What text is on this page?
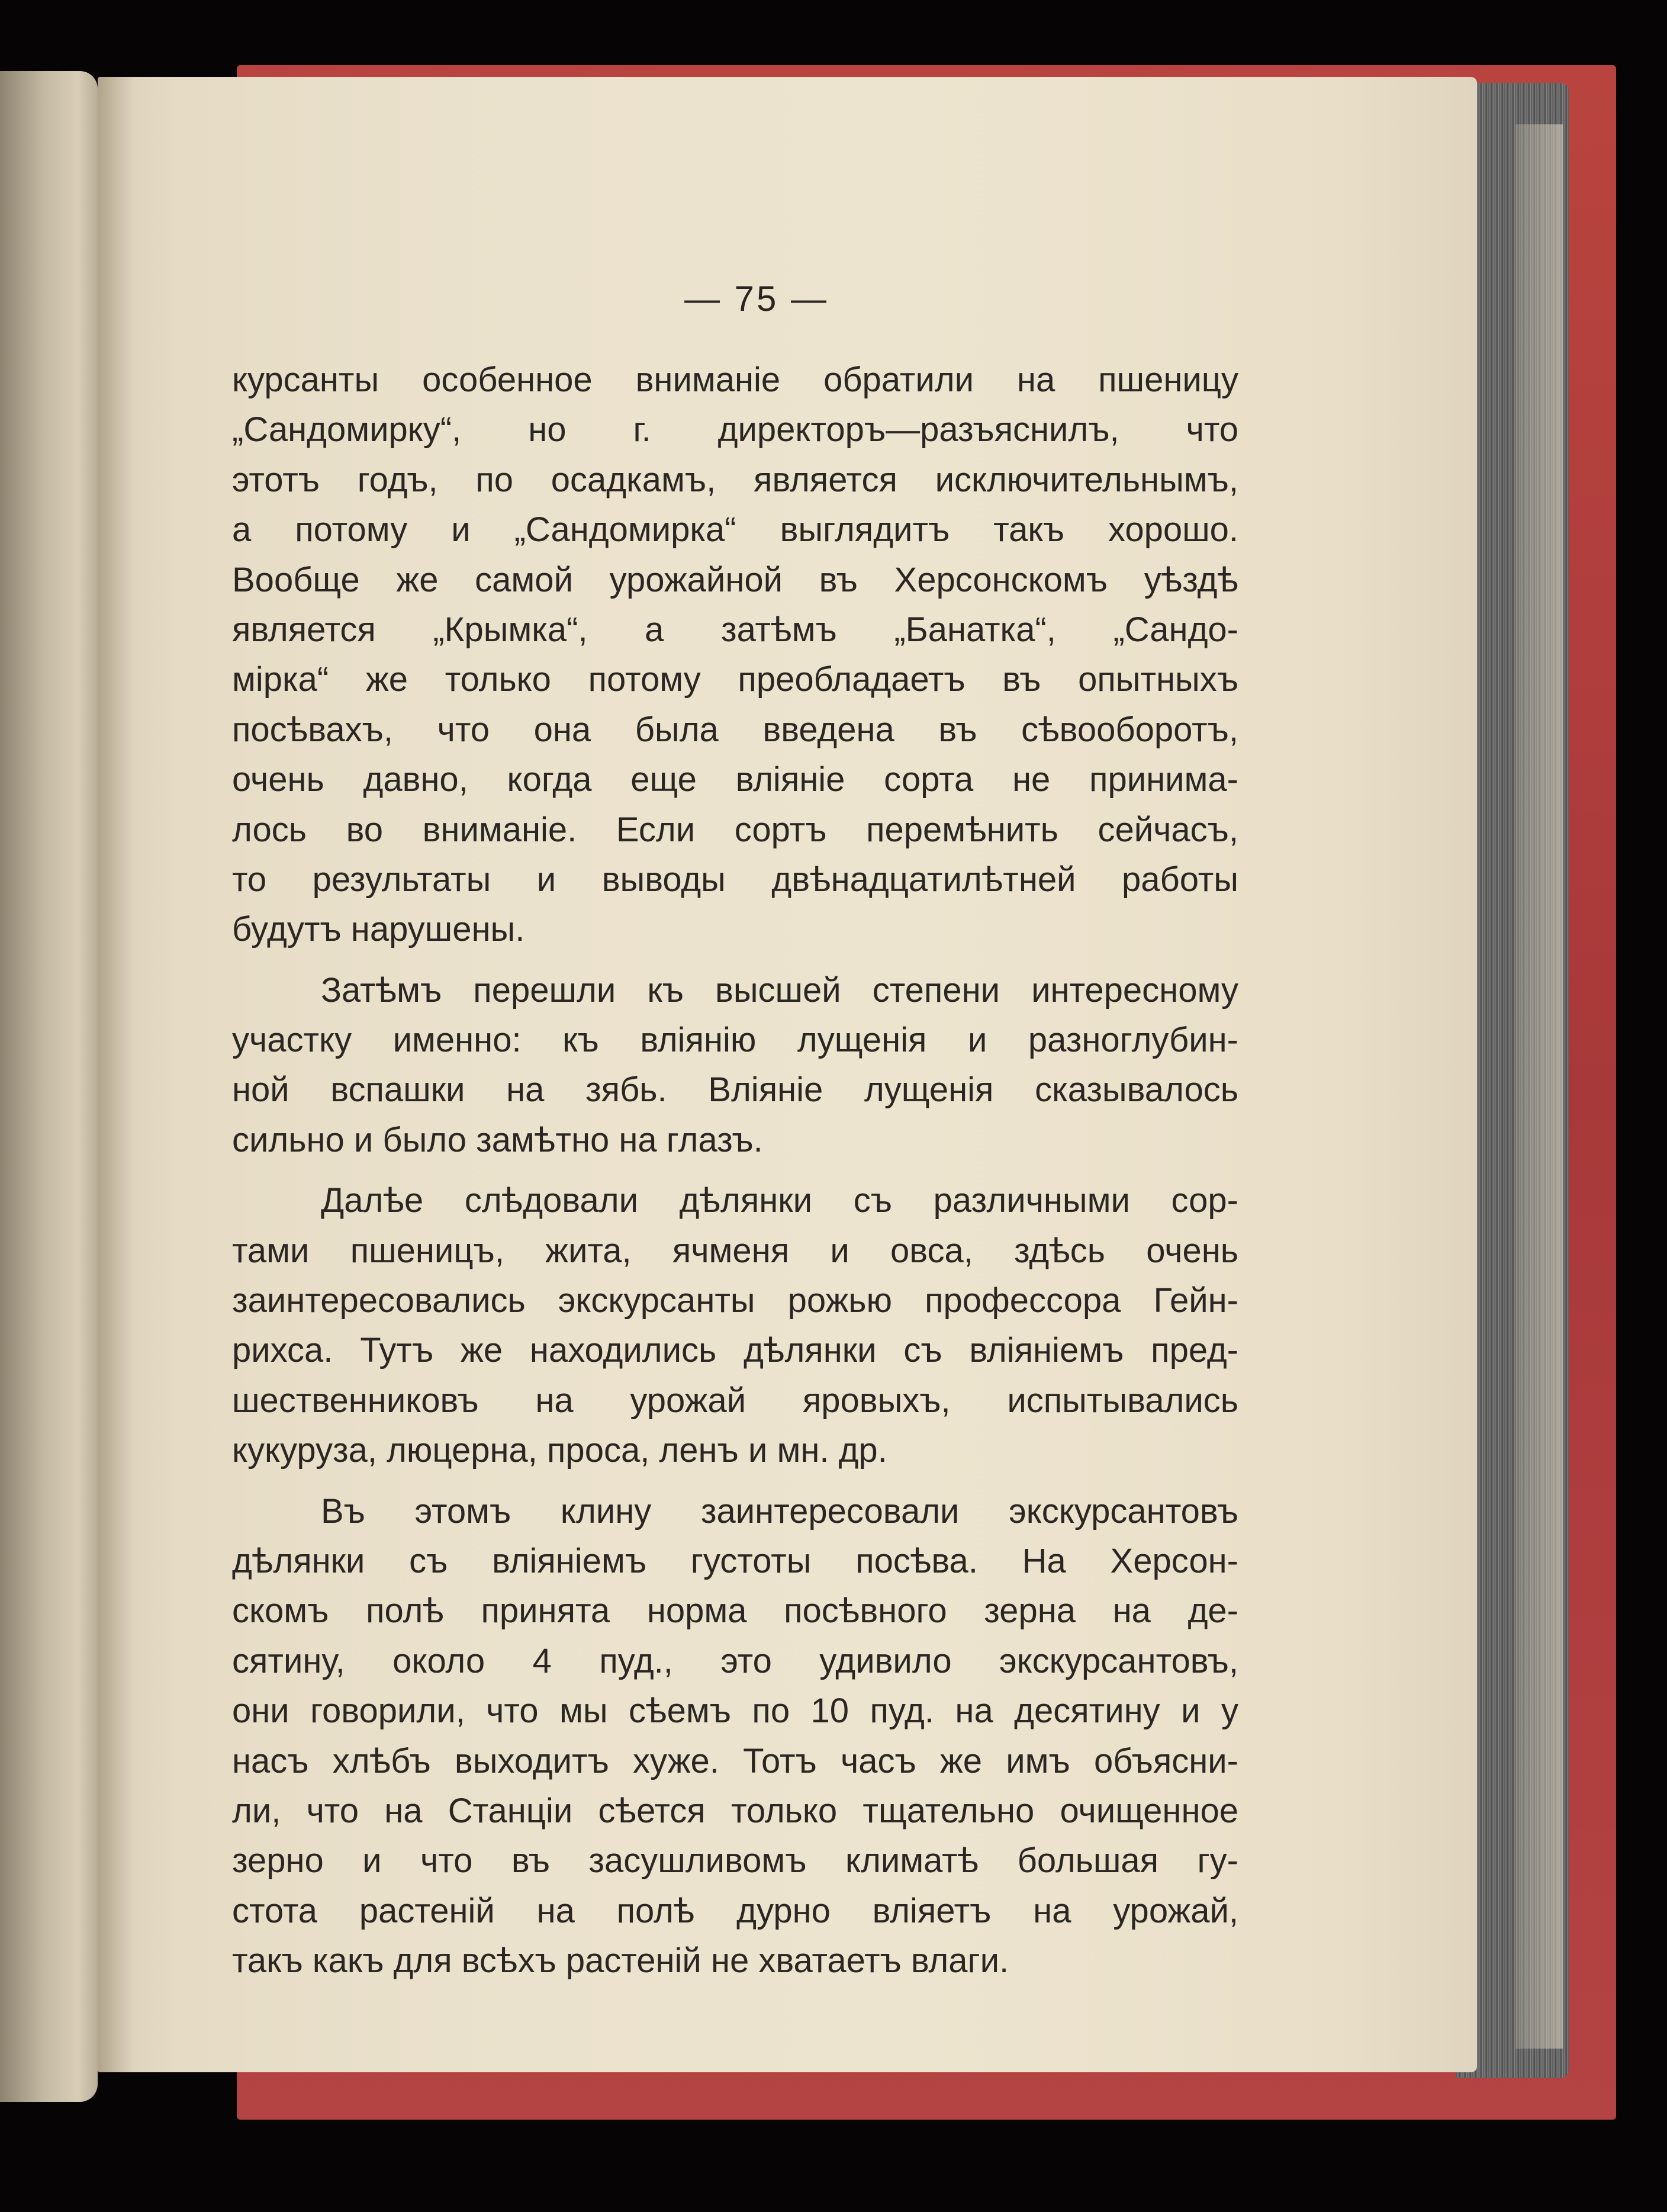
— 75 —
курсанты особенное вниманіе обратили на пшеницу
„Сандомирку“, но г. директоръ—разъяснилъ, что
этотъ годъ, по осадкамъ, является исключительнымъ,
а потому и „Сандомирка“ выглядитъ такъ хорошо.
Вообще же самой урожайной въ Херсонскомъ уѣздѣ
является „Крымка“, а затѣмъ „Банатка“, „Сандо-
мірка“ же только потому преобладаетъ въ опытныхъ
посѣвахъ, что она была введена въ сѣвооборотъ,
очень давно, когда еще вліяніе сорта не принима-
лось во вниманіе. Если сортъ перемѣнить сейчасъ,
то результаты и выводы двѣнадцатилѣтней работы
будутъ нарушены.
Затѣмъ перешли къ высшей степени интересному
участку именно: къ вліянію лущенія и разноглубин-
ной вспашки на зябь. Вліяніе лущенія сказывалось
сильно и было замѣтно на глазъ.
Далѣе слѣдовали дѣлянки съ различными сор-
тами пшеницъ, жита, ячменя и овса, здѣсь очень
заинтересовались экскурсанты рожью профессора Гейн-
рихса. Тутъ же находились дѣлянки съ вліяніемъ пред-
шественниковъ на урожай яровыхъ, испытывались
кукуруза, люцерна, проса, ленъ и мн. др.
Въ этомъ клину заинтересовали экскурсантовъ
дѣлянки съ вліяніемъ густоты посѣва. На Херсон-
скомъ полѣ принята норма посѣвного зерна на де-
сятину, около 4 пуд., это удивило экскурсантовъ,
они говорили, что мы сѣемъ по 10 пуд. на десятину и у
насъ хлѣбъ выходитъ хуже. Тотъ часъ же имъ объясни-
ли, что на Станціи сѣется только тщательно очищенное
зерно и что въ засушливомъ климатѣ большая гу-
стота растеній на полѣ дурно вліяетъ на урожай,
такъ какъ для всѣхъ растеній не хватаетъ влаги.
